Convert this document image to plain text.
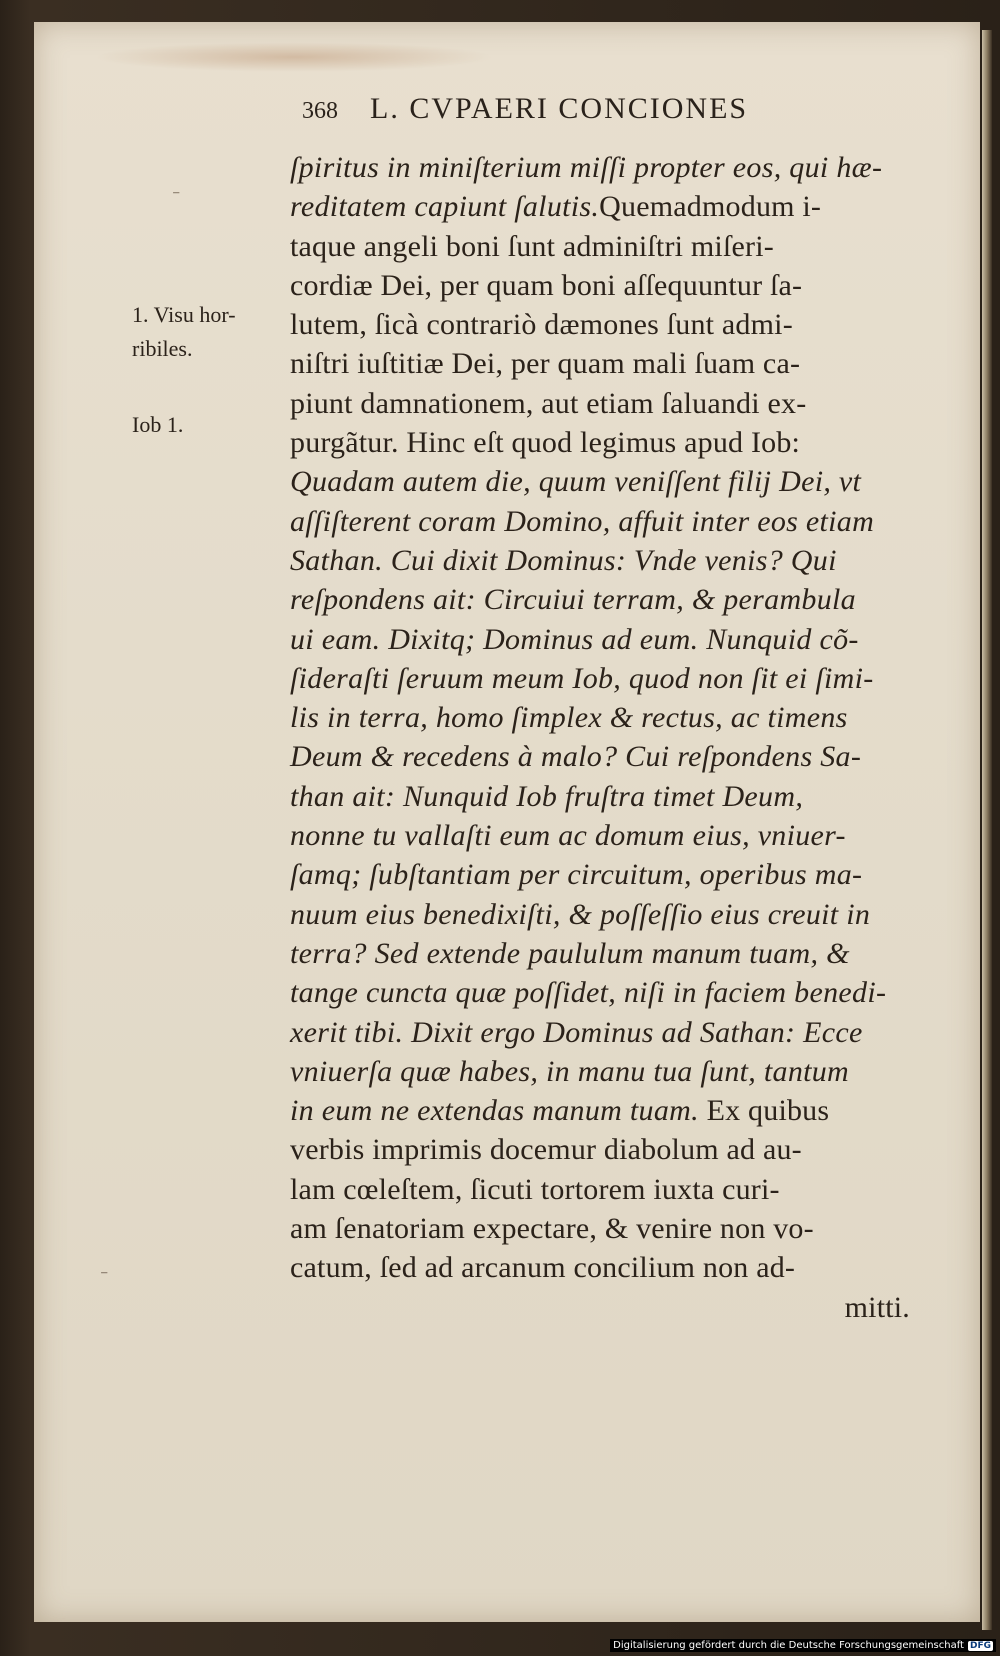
368 L. CVPAERI CONCIONES
1. Visu hor-
ribiles.
Iob 1.
⁻
⁻
ſpiritus in miniſterium miſſi propter eos, qui hæ-
reditatem capiunt ſalutis.Quemadmodum i-
taque angeli boni ſunt adminiſtri miſeri-
cordiæ Dei, per quam boni aſſequuntur ſa-
lutem, ſicà contrariò dæmones ſunt admi-
niſtri iuſtitiæ Dei, per quam mali ſuam ca-
piunt damnationem, aut etiam ſaluandi ex-
purgãtur. Hinc eſt quod legimus apud Iob:
Quadam autem die, quum veniſſent filij Dei, vt
aſſiſterent coram Domino, affuit inter eos etiam
Sathan. Cui dixit Dominus: Vnde venis? Qui
reſpondens ait: Circuiui terram, & perambula
ui eam. Dixitq; Dominus ad eum. Nunquid cõ-
ſideraſti ſeruum meum Iob, quod non ſit ei ſimi-
lis in terra, homo ſimplex & rectus, ac timens
Deum & recedens à malo? Cui reſpondens Sa-
than ait: Nunquid Iob fruſtra timet Deum,
nonne tu vallaſti eum ac domum eius, vniuer-
ſamq; ſubſtantiam per circuitum, operibus ma-
nuum eius benedixiſti, & poſſeſſio eius creuit in
terra? Sed extende paululum manum tuam, &
tange cuncta quæ poſſidet, niſi in faciem benedi-
xerit tibi. Dixit ergo Dominus ad Sathan: Ecce
vniuerſa quæ habes, in manu tua ſunt, tantum
in eum ne extendas manum tuam. Ex quibus
verbis imprimis docemur diabolum ad au-
lam cœleſtem, ſicuti tortorem iuxta curi-
am ſenatoriam expectare, & venire non vo-
catum, ſed ad arcanum concilium non ad-
mitti.
Digitalisierung gefördert durch die Deutsche Forschungsgemeinschaft DFG
